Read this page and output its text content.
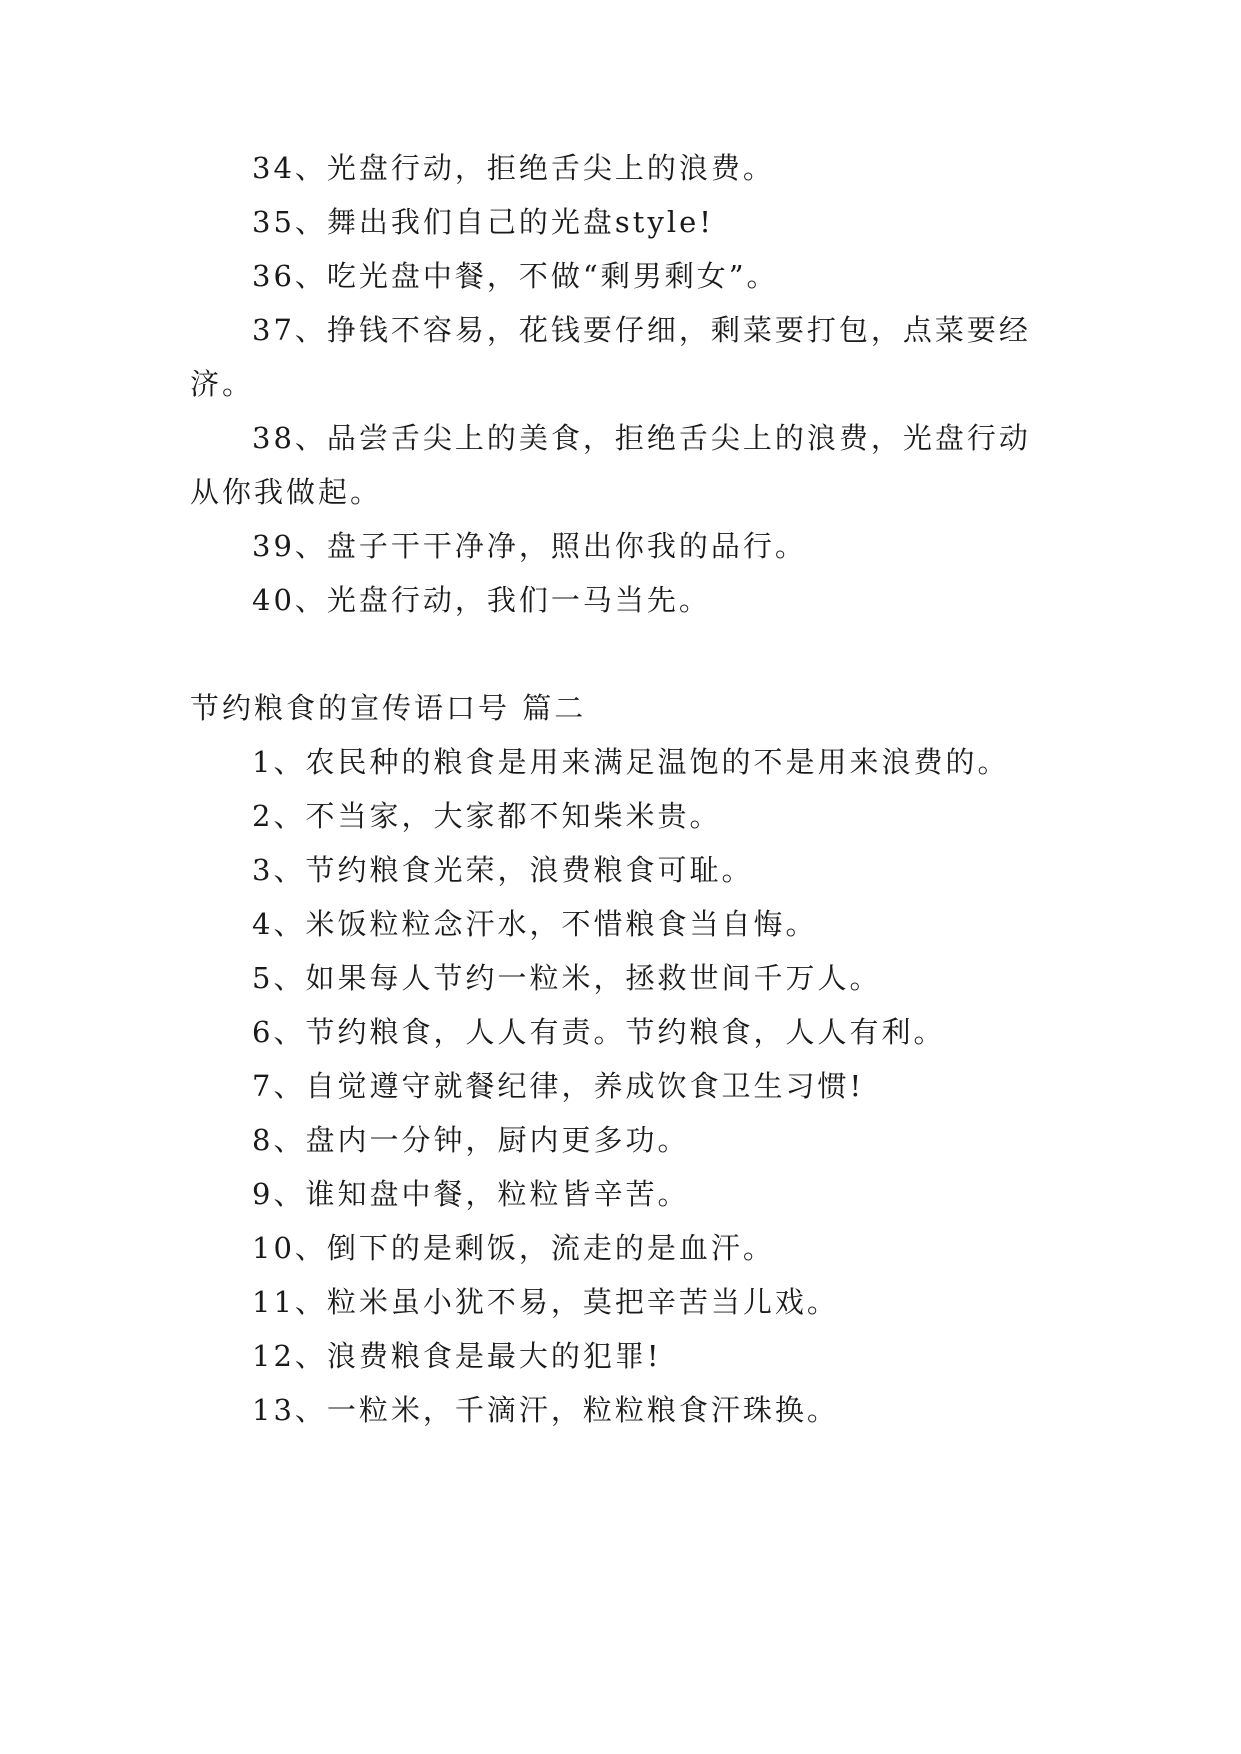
34、光盘行动，拒绝舌尖上的浪费。
35、舞出我们自己的光盘style!
36、吃光盘中餐，不做“剩男剩女”。
37、挣钱不容易，花钱要仔细，剩菜要打包，点菜要经
济。
38、品尝舌尖上的美食，拒绝舌尖上的浪费，光盘行动
从你我做起。
39、盘子干干净净，照出你我的品行。
40、光盘行动，我们一马当先。
节约粮食的宣传语口号 篇二
1、农民种的粮食是用来满足温饱的不是用来浪费的。
2、不当家，大家都不知柴米贵。
3、节约粮食光荣，浪费粮食可耻。
4、米饭粒粒念汗水，不惜粮食当自悔。
5、如果每人节约一粒米，拯救世间千万人。
6、节约粮食，人人有责。节约粮食，人人有利。
7、自觉遵守就餐纪律，养成饮食卫生习惯!
8、盘内一分钟，厨内更多功。
9、谁知盘中餐，粒粒皆辛苦。
10、倒下的是剩饭，流走的是血汗。
11、粒米虽小犹不易，莫把辛苦当儿戏。
12、浪费粮食是最大的犯罪!
13、一粒米，千滴汗，粒粒粮食汗珠换。
